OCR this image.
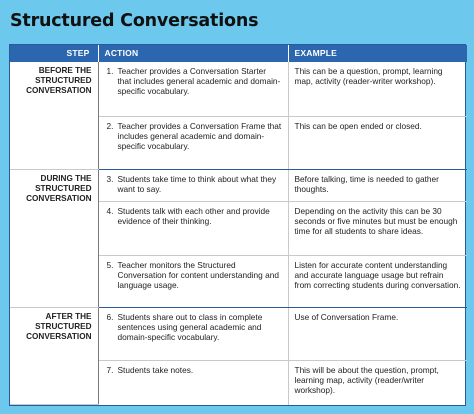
Structured Conversations
STEP	ACTION	EXAMPLE
BEFORE THE STRUCTURED CONVERSATION	1. Teacher provides a Conversation Starter that includes general academic and domain-specific vocabulary.	This can be a question, prompt, learning map, activity (reader-writer workshop).

	2. Teacher provides a Conversation Frame that includes general academic and domain-specific vocabulary.	This can be open ended or closed.
DURING THE STRUCTURED CONVERSATION	3. Students take time to think about what they want to say.	Before talking, time is needed to gather thoughts.

	4. Students talk with each other and provide evidence of their thinking.	Depending on the activity this can be 30 seconds or five minutes but must be enough time for all students to share ideas.

	5. Teacher monitors the Structured Conversation for content understanding and language usage.	Listen for accurate content understanding and accurate language usage but refrain from correcting students during conversation.
AFTER THE STRUCTURED CONVERSATION	6. Students share out to class in complete sentences using general academic and domain-specific vocabulary.	Use of Conversation Frame.

	7. Students take notes.	This will be about the question, prompt, learning map, activity (reader/writer workshop).
